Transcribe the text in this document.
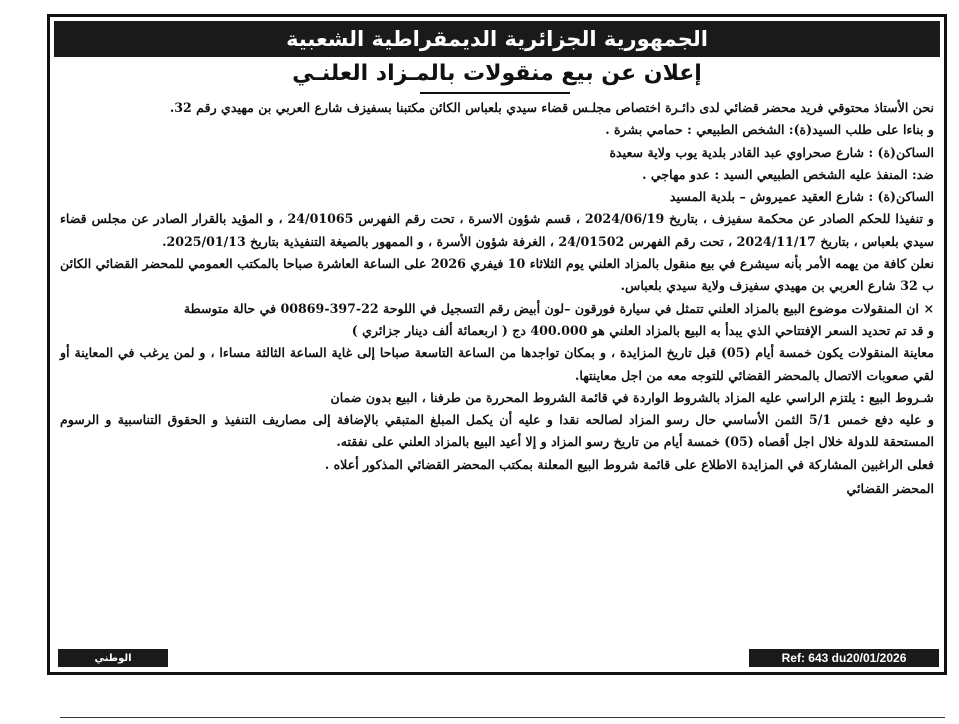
الجمهورية الجزائرية الديمقراطية الشعبية
إعلان عن بيع منقولات بالمـزاد العلنـي

نحن الأستاذ محتوقي فريد محضر قضائي لدى دائـرة اختصاص مجلـس قضاء سيدي بلعباس الكائن مكتبنا بسفيزف شارع العربي بن مهيدي رقم 32.

و بناءا على طلب السيد(ة): الشخص الطبيعي : حمامي بشرة .

الساكن(ة) : شارع صحراوي عبد القادر بلدية يوب ولاية سعيدة

ضد: المنفذ عليه الشخص الطبيعي السيد : عدو مهاجي .

الساكن(ة) : شارع العقيد عميروش – بلدية المسيد

و تنفيذا للحكم الصادر عن محكمة سفيزف ، بتاريخ 2024/06/19 ، قسم شؤون الاسرة ، تحت رقم الفهرس 24/01065 ، و المؤيد بالقرار الصادر عن مجلس قضاء سيدي بلعباس ، بتاريخ 2024/11/17 ، تحت رقم الفهرس 24/01502 ، الغرفة شؤون الأسرة ، و الممهور بالصيغة التنفيذية بتاريخ 2025/01/13.

نعلن كافة من يهمه الأمر بأنه سيشرع في بيع منقول بالمزاد العلني يوم الثلاثاء 10 فيفري 2026 على الساعة العاشرة صباحا بالمكتب العمومي للمحضر القضائي الكائن ب 32 شارع العربي بن مهيدي سفيزف ولاية سيدي بلعباس.

× ان المنقولات موضوع البيع بالمزاد العلني تتمثل في سيارة فورقون –لون أبيض رقم التسجيل في اللوحة 22-397-00869 في حالة متوسطة

و قد تم تحديد السعر الإفتتاحي الذي يبدأ به البيع بالمزاد العلني هو 400.000 دج ( اربعمائة ألف دينار جزائري )

معاينة المنقولات يكون خمسة أيام (05) قبل تاريخ المزايدة ، و بمكان تواجدها من الساعة التاسعة صباحا إلى غاية الساعة الثالثة مساءا ، و لمن يرغب في المعاينة أو لقي صعوبات الاتصال بالمحضر القضائي للتوجه معه من اجل معاينتها.

شـروط البيع : يلتزم الراسي عليه المزاد بالشروط الواردة في قائمة الشروط المحررة من طرفنا ، البيع بدون ضمان

و عليه دفع خمس 5/1 الثمن الأساسي حال رسو المزاد لصالحه نقدا و عليه أن يكمل المبلغ المتبقي بالإضافة إلى مصاريف التنفيذ و الحقوق التناسبية و الرسوم المستحقة للدولة خلال اجل أقصاه (05) خمسة أيام من تاريخ رسو المزاد و إلا أعيد البيع بالمزاد العلني على نفقته.

فعلى الراغبين المشاركة في المزايدة الاطلاع على قائمة شروط البيع المعلنة بمكتب المحضر القضائي المذكور أعلاه .

المحضر القضائي

الوطني	Ref: 643 du20/01/2026
